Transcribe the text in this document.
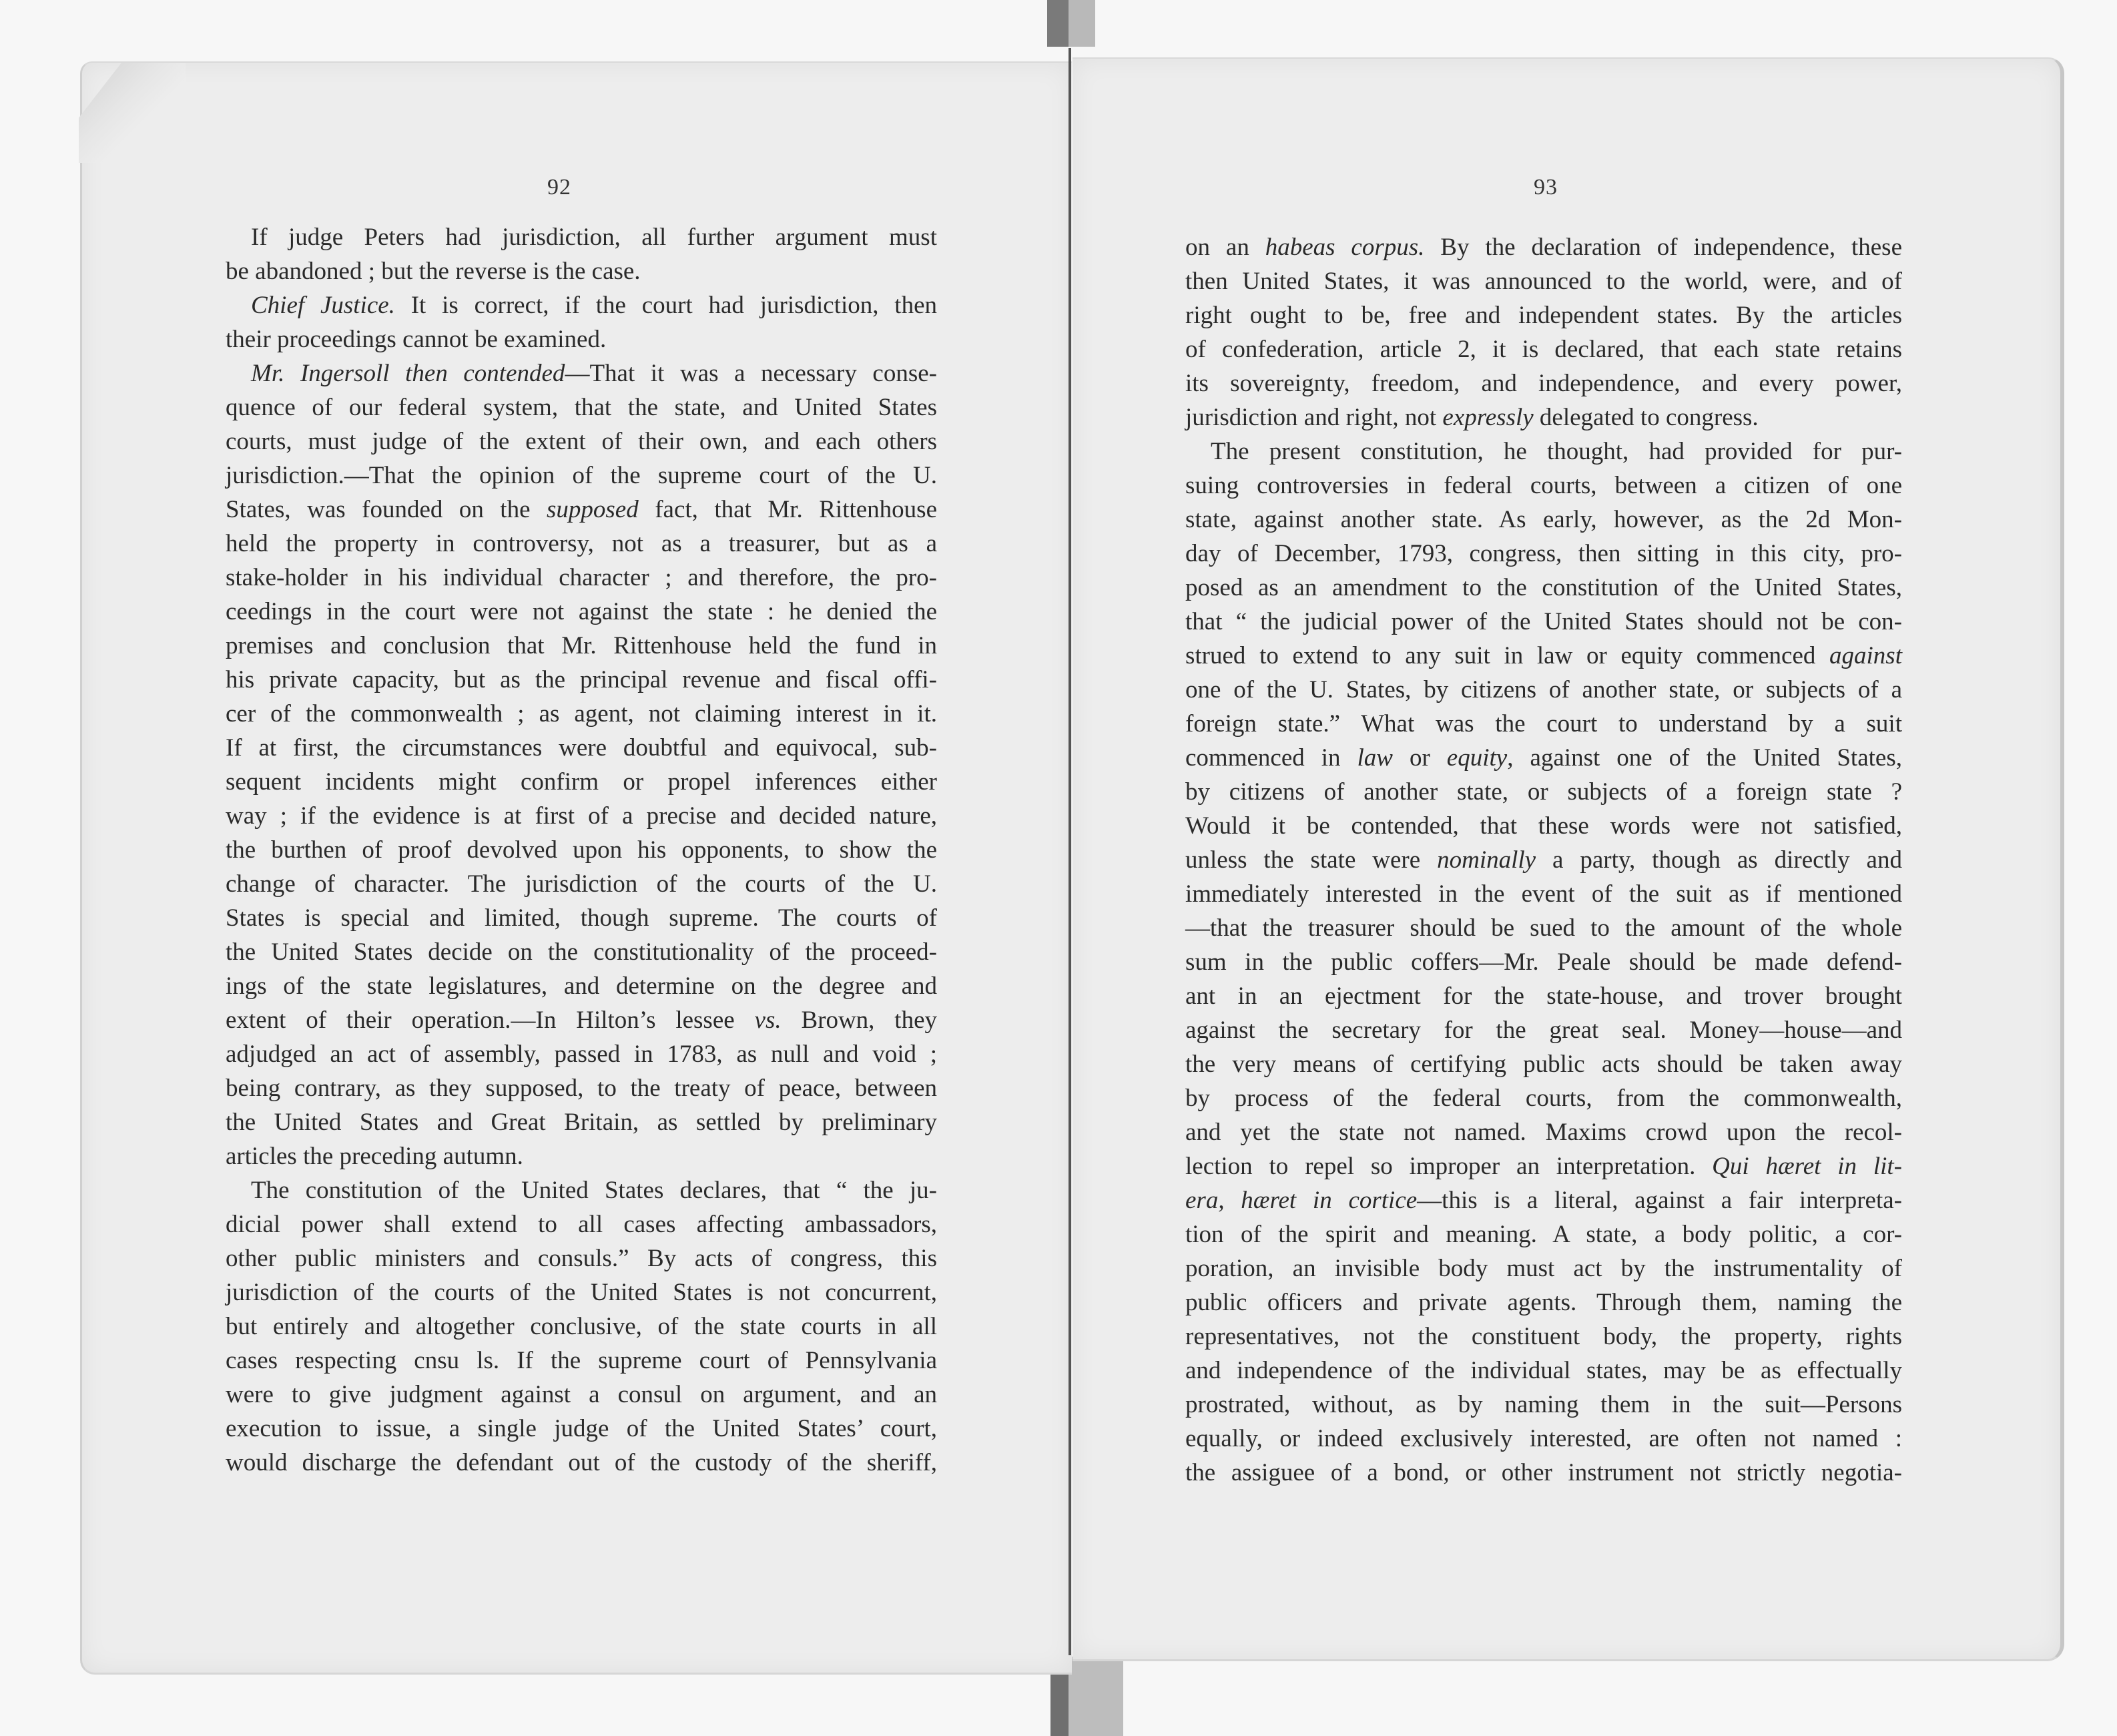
92	93
If judge Peters had jurisdiction, all further argument must
be abandoned ; but the reverse is the case.
Chief Justice. It is correct, if the court had jurisdiction, then
their proceedings cannot be examined.
Mr. Ingersoll then contended—That it was a necessary conse-
quence of our federal system, that the state, and United States
courts, must judge of the extent of their own, and each others
jurisdiction.—That the opinion of the supreme court of the U.
States, was founded on the supposed fact, that Mr. Rittenhouse
held the property in controversy, not as a treasurer, but as a
stake-holder in his individual character ; and therefore, the pro-
ceedings in the court were not against the state : he denied the
premises and conclusion that Mr. Rittenhouse held the fund in
his private capacity, but as the principal revenue and fiscal offi-
cer of the commonwealth ; as agent, not claiming interest in it.
If at first, the circumstances were doubtful and equivocal, sub-
sequent incidents might confirm or propel inferences either
way ; if the evidence is at first of a precise and decided nature,
the burthen of proof devolved upon his opponents, to show the
change of character. The jurisdiction of the courts of the U.
States is special and limited, though supreme. The courts of
the United States decide on the constitutionality of the proceed-
ings of the state legislatures, and determine on the degree and
extent of their operation.—In Hilton’s lessee vs. Brown, they
adjudged an act of assembly, passed in 1783, as null and void ;
being contrary, as they supposed, to the treaty of peace, between
the United States and Great Britain, as settled by preliminary
articles the preceding autumn.
The constitution of the United States declares, that “ the ju-
dicial power shall extend to all cases affecting ambassadors,
other public ministers and consuls.” By acts of congress, this
jurisdiction of the courts of the United States is not concurrent,
but entirely and altogether conclusive, of the state courts in all
cases respecting cnsu ls. If the supreme court of Pennsylvania
were to give judgment against a consul on argument, and an
execution to issue, a single judge of the United States’ court,
would discharge the defendant out of the custody of the sheriff,
on an habeas corpus. By the declaration of independence, these
then United States, it was announced to the world, were, and of
right ought to be, free and independent states. By the articles
of confederation, article 2, it is declared, that each state retains
its sovereignty, freedom, and independence, and every power,
jurisdiction and right, not expressly delegated to congress.
The present constitution, he thought, had provided for pur-
suing controversies in federal courts, between a citizen of one
state, against another state. As early, however, as the 2d Mon-
day of December, 1793, congress, then sitting in this city, pro-
posed as an amendment to the constitution of the United States,
that “ the judicial power of the United States should not be con-
strued to extend to any suit in law or equity commenced against
one of the U. States, by citizens of another state, or subjects of a
foreign state.” What was the court to understand by a suit
commenced in law or equity, against one of the United States,
by citizens of another state, or subjects of a foreign state ?
Would it be contended, that these words were not satisfied,
unless the state were nominally a party, though as directly and
immediately interested in the event of the suit as if mentioned
—that the treasurer should be sued to the amount of the whole
sum in the public coffers—Mr. Peale should be made defend-
ant in an ejectment for the state-house, and trover brought
against the secretary for the great seal. Money—house—and
the very means of certifying public acts should be taken away
by process of the federal courts, from the commonwealth,
and yet the state not named. Maxims crowd upon the recol-
lection to repel so improper an interpretation. Qui hæret in lit-
era, hæret in cortice—this is a literal, against a fair interpreta-
tion of the spirit and meaning. A state, a body politic, a cor-
poration, an invisible body must act by the instrumentality of
public officers and private agents. Through them, naming the
representatives, not the constituent body, the property, rights
and independence of the individual states, may be as effectually
prostrated, without, as by naming them in the suit—Persons
equally, or indeed exclusively interested, are often not named :
the assiguee of a bond, or other instrument not strictly negotia-
